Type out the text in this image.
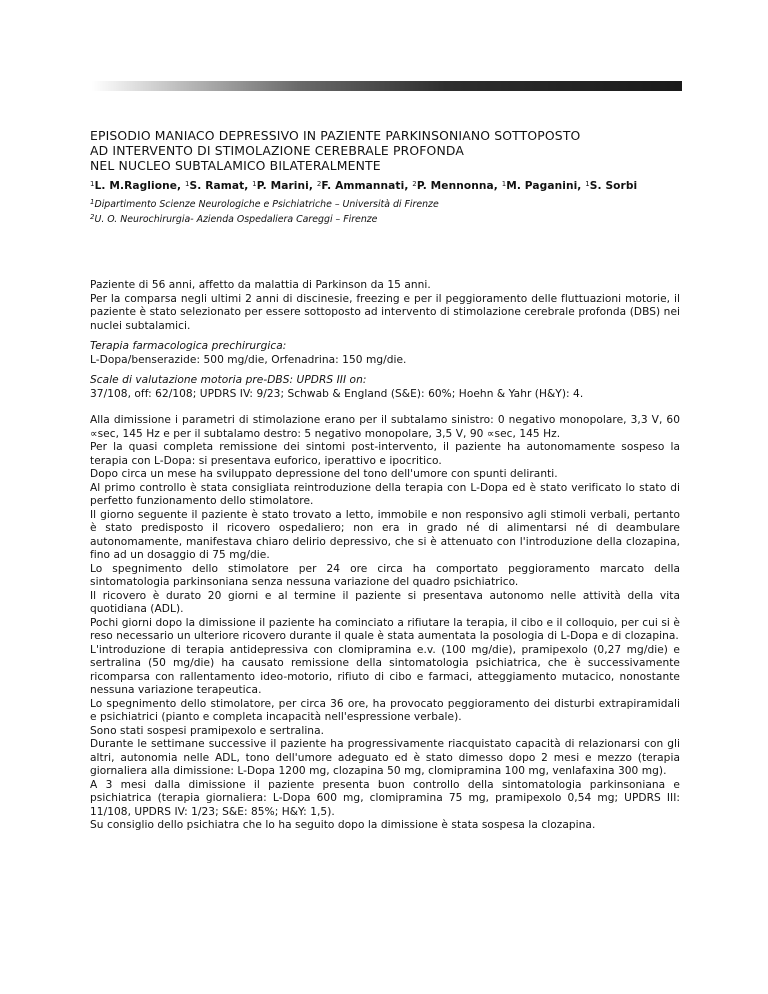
EPISODIO MANIACO DEPRESSIVO IN PAZIENTE PARKINSONIANO SOTTOPOSTO

AD INTERVENTO DI STIMOLAZIONE CEREBRALE PROFONDA

NEL NUCLEO SUBTALAMICO BILATERALMENTE

$^1$L. M.Raglione, $^1$S. Ramat, $^1$P. Marini, $^2$F. Ammannati, $^2$P. Mennonna, $^1$M. Paganini, $^1$S. Sorbi
$^1$Dipartimento Scienze Neurologiche e Psichiatriche – Università di Firenze
$^2$U. O. Neurochirurgia- Azienda Ospedaliera Careggi – Firenze

Paziente di 56 anni, affetto da malattia di Parkinson da 15 anni.

Per la comparsa negli ultimi 2 anni di discinesie, freezing e per il peggioramento delle fluttuazioni motorie, il paziente è stato selezionato per essere sottoposto ad intervento di stimolazione cerebrale profonda (DBS) nei nuclei subtalamici.

Terapia farmacologica prechirurgica:

L-Dopa/benserazide: 500 mg/die, Orfenadrina: 150 mg/die.

Scale di valutazione motoria pre-DBS: UPDRS III on:

37/108, off: 62/108; UPDRS IV: 9/23; Schwab & England (S&E): 60%; Hoehn & Yahr (H&Y): 4.

Alla dimissione i parametri di stimolazione erano per il subtalamo sinistro: 0 negativo monopolare, 3,3 V, 60 ∝sec, 145 Hz e per il subtalamo destro: 5 negativo monopolare, 3,5 V, 90 ∝sec, 145 Hz.

Per la quasi completa remissione dei sintomi post-intervento, il paziente ha autonomamente sospeso la terapia con L-Dopa: si presentava euforico, iperattivo e ipocritico.

Dopo circa un mese ha sviluppato depressione del tono dell'umore con spunti deliranti.

Al primo controllo è stata consigliata reintroduzione della terapia con L-Dopa ed è stato verificato lo stato di perfetto funzionamento dello stimolatore.

Il giorno seguente il paziente è stato trovato a letto, immobile e non responsivo agli stimoli verbali, pertanto è stato predisposto il ricovero ospedaliero; non era in grado né di alimentarsi né di deambulare autonomamente, manifestava chiaro delirio depressivo, che si è attenuato con l'introduzione della clozapina, fino ad un dosaggio di 75 mg/die.

Lo spegnimento dello stimolatore per 24 ore circa ha comportato peggioramento marcato della sintomatologia parkinsoniana senza nessuna variazione del quadro psichiatrico.

Il ricovero è durato 20 giorni e al termine il paziente si presentava autonomo nelle attività della vita quotidiana (ADL).

Pochi giorni dopo la dimissione il paziente ha cominciato a rifiutare la terapia, il cibo e il colloquio, per cui si è reso necessario un ulteriore ricovero durante il quale è stata aumentata la posologia di L-Dopa e di clozapina.

L'introduzione di terapia antidepressiva con clomipramina e.v. (100 mg/die), pramipexolo (0,27 mg/die) e sertralina (50 mg/die) ha causato remissione della sintomatologia psichiatrica, che è successivamente ricomparsa con rallentamento ideo-motorio, rifiuto di cibo e farmaci, atteggiamento mutacico, nonostante nessuna variazione terapeutica.

Lo spegnimento dello stimolatore, per circa 36 ore, ha provocato peggioramento dei disturbi extrapiramidali e psichiatrici (pianto e completa incapacità nell'espressione verbale).

Sono stati sospesi pramipexolo e sertralina.

Durante le settimane successive il paziente ha progressivamente riacquistato capacità di relazionarsi con gli altri, autonomia nelle ADL, tono dell'umore adeguato ed è stato dimesso dopo 2 mesi e mezzo (terapia giornaliera alla dimissione: L-Dopa 1200 mg, clozapina 50 mg, clomipramina 100 mg, venlafaxina 300 mg).

A 3 mesi dalla dimissione il paziente presenta buon controllo della sintomatologia parkinsoniana e psichiatrica (terapia giornaliera: L-Dopa 600 mg, clomipramina 75 mg, pramipexolo 0,54 mg; UPDRS III: 11/108, UPDRS IV: 1/23; S&E: 85%; H&Y: 1,5).

Su consiglio dello psichiatra che lo ha seguito dopo la dimissione è stata sospesa la clozapina.
